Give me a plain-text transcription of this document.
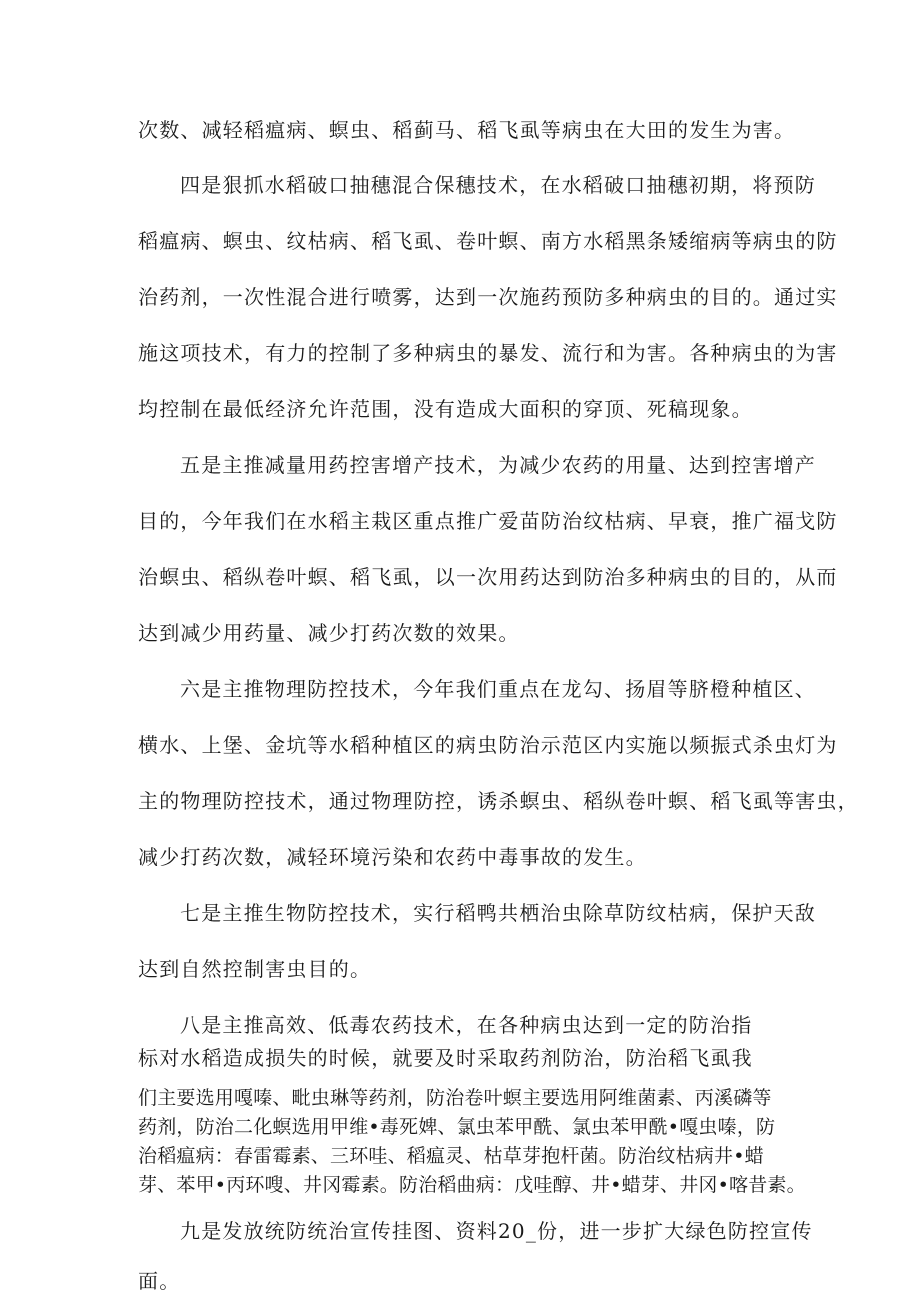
次数、减轻稻瘟病、螟虫、稻蓟马、稻飞虱等病虫在大田的发生为害。

四是狠抓水稻破口抽穗混合保穗技术，在水稻破口抽穗初期，将预防

稻瘟病、螟虫、纹枯病、稻飞虱、卷叶螟、南方水稻黑条矮缩病等病虫的防

治药剂，一次性混合进行喷雾，达到一次施药预防多种病虫的目的。通过实

施这项技术，有力的控制了多种病虫的暴发、流行和为害。各种病虫的为害

均控制在最低经济允许范围，没有造成大面积的穿顶、死稿现象。

五是主推减量用药控害增产技术，为减少农药的用量、达到控害增产

目的，今年我们在水稻主栽区重点推广爱苗防治纹枯病、早衰，推广福戈防

治螟虫、稻纵卷叶螟、稻飞虱，以一次用药达到防治多种病虫的目的，从而

达到减少用药量、减少打药次数的效果。

六是主推物理防控技术，今年我们重点在龙勾、扬眉等脐橙种植区、

横水、上堡、金坑等水稻种植区的病虫防治示范区内实施以频振式杀虫灯为

主的物理防控技术，通过物理防控，诱杀螟虫、稻纵卷叶螟、稻飞虱等害虫，

减少打药次数，减轻环境污染和农药中毒事故的发生。

七是主推生物防控技术，实行稻鸭共栖治虫除草防纹枯病，保护天敌

达到自然控制害虫目的。

八是主推高效、低毒农药技术，在各种病虫达到一定的防治指

标对水稻造成损失的时候，就要及时采取药剂防治，防治稻飞虱我

们主要选用嘎嗪、毗虫琳等药剂，防治卷叶螟主要选用阿维菌素、丙溪磷等

药剂，防治二化螟选用甲维•毒死婢、氯虫苯甲酰、氯虫苯甲酰•嘎虫嗪，防

治稻瘟病：春雷霉素、三环哇、稻瘟灵、枯草芽抱杆菌。防治纹枯病井•蜡

芽、苯甲•丙环嗖、井冈霉素。防治稻曲病：戊哇醇、井•蜡芽、井冈•喀昔素。

九是发放统防统治宣传挂图、资料20_份，进一步扩大绿色防控宣传

面。
